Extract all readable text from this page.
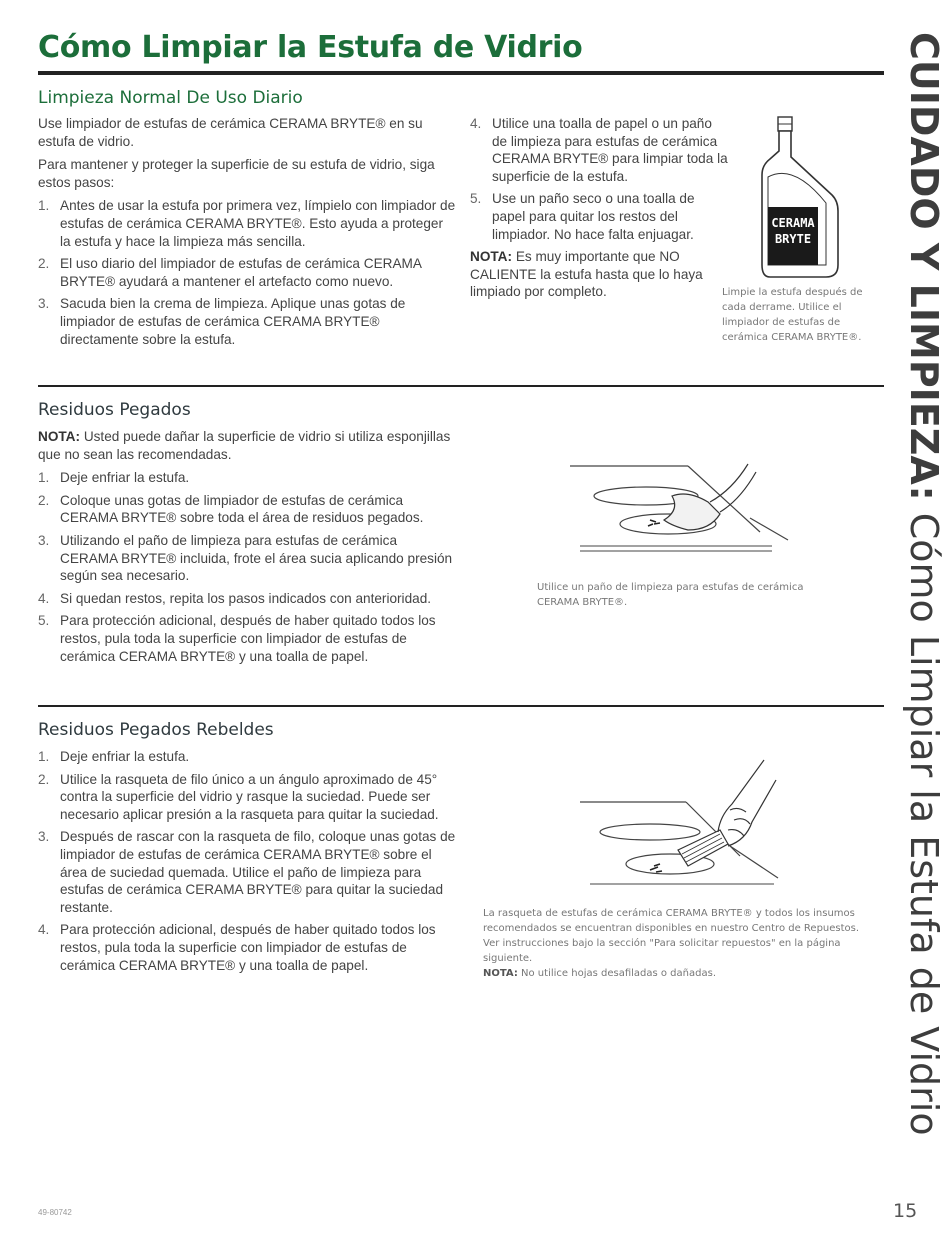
Cómo Limpiar la Estufa de Vidrio	CUIDADO Y LIMPIEZA: Cómo Limpiar la Estufa de Vidrio
Limpieza Normal De Uso Diario

Use limpiador de estufas de cerámica CERAMA BRYTE® en su estufa de vidrio.

Para mantener y proteger la superficie de su estufa de vidrio, siga estos pasos:

1. Antes de usar la estufa por primera vez, límpielo con limpiador de estufas de cerámica CERAMA BRYTE®. Esto ayuda a proteger la estufa y hace la limpieza más sencilla.
2. El uso diario del limpiador de estufas de cerámica CERAMA BRYTE® ayudará a mantener el artefacto como nuevo.
3. Sacuda bien la crema de limpieza. Aplique unas gotas de limpiador de estufas de cerámica CERAMA BRYTE® directamente sobre la estufa.
4. Utilice una toalla de papel o un paño de limpieza para estufas de cerámica CERAMA BRYTE® para limpiar toda la superficie de la estufa.
5. Use un paño seco o una toalla de papel para quitar los restos del limpiador. No hace falta enjuagar.

NOTA: Es muy importante que NO CALIENTE la estufa hasta que lo haya limpiado por completo.

CERAMA
BRYTE
Limpie la estufa después de cada derrame. Utilice el limpiador de estufas de cerámica CERAMA BRYTE®.
Residuos Pegados

NOTA: Usted puede dañar la superficie de vidrio si utiliza esponjillas que no sean las recomendadas.

1. Deje enfriar la estufa.
2. Coloque unas gotas de limpiador de estufas de cerámica CERAMA BRYTE® sobre toda el área de residuos pegados.
3. Utilizando el paño de limpieza para estufas de cerámica CERAMA BRYTE® incluida, frote el área sucia aplicando presión según sea necesario.
4. Si quedan restos, repita los pasos indicados con anterioridad.
5. Para protección adicional, después de haber quitado todos los restos, pula toda la superficie con limpiador de estufas de cerámica CERAMA BRYTE® y una toalla de papel.
Utilice un paño de limpieza para estufas de cerámica CERAMA BRYTE®.
Residuos Pegados Rebeldes
1. Deje enfriar la estufa.
2. Utilice la rasqueta de filo único a un ángulo aproximado de 45° contra la superficie del vidrio y rasque la suciedad. Puede ser necesario aplicar presión a la rasqueta para quitar la suciedad.
3. Después de rascar con la rasqueta de filo, coloque unas gotas de limpiador de estufas de cerámica CERAMA BRYTE® sobre el área de suciedad quemada. Utilice el paño de limpieza para estufas de cerámica CERAMA BRYTE® para quitar la suciedad restante.
4. Para protección adicional, después de haber quitado todos los restos, pula toda la superficie con limpiador de estufas de cerámica CERAMA BRYTE® y una toalla de papel.
La rasqueta de estufas de cerámica CERAMA BRYTE® y todos los insumos recomendados se encuentran disponibles en nuestro Centro de Repuestos. Ver instrucciones bajo la sección "Para solicitar repuestos" en la página siguiente.
NOTA: No utilice hojas desafiladas o dañadas.
49-80742	15
